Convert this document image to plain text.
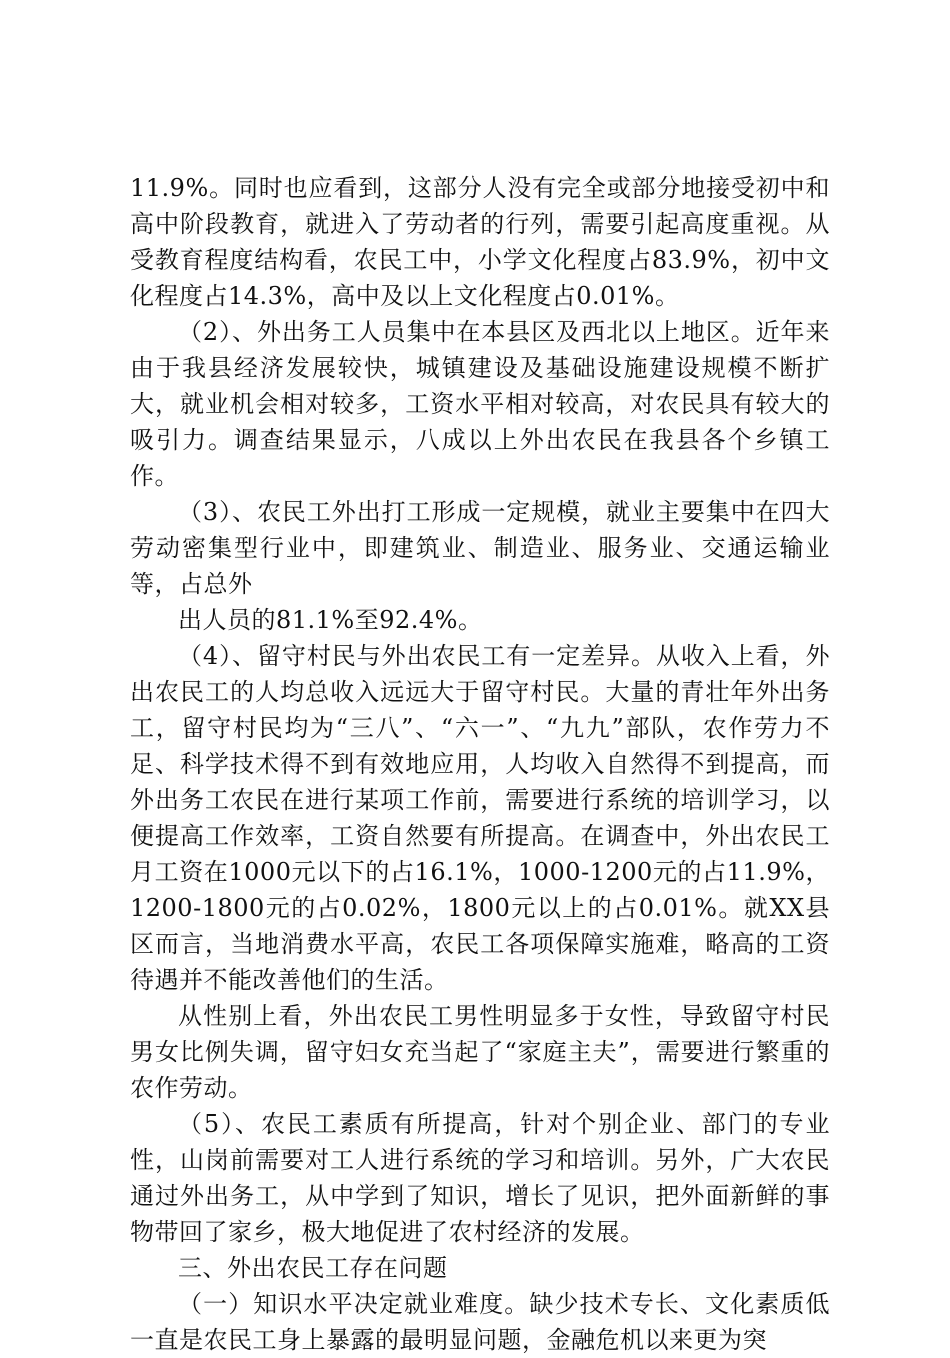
11.9%。同时也应看到，这部分人没有完全或部分地接受初中和高中阶段教育，就进入了劳动者的行列，需要引起高度重视。从受教育程度结构看，农民工中，小学文化程度占83.9%，初中文化程度占14.3%，高中及以上文化程度占0.01%。

（2）、外出务工人员集中在本县区及西北以上地区。近年来由于我县经济发展较快，城镇建设及基础设施建设规模不断扩大，就业机会相对较多，工资水平相对较高，对农民具有较大的吸引力。调查结果显示，八成以上外出农民在我县各个乡镇工作。

（3）、农民工外出打工形成一定规模，就业主要集中在四大劳动密集型行业中，即建筑业、制造业、服务业、交通运输业等，占总外

出人员的81.1%至92.4%。

（4）、留守村民与外出农民工有一定差异。从收入上看，外出农民工的人均总收入远远大于留守村民。大量的青壮年外出务工，留守村民均为“三八”、“六一”、“九九”部队，农作劳力不足、科学技术得不到有效地应用，人均收入自然得不到提高，而外出务工农民在进行某项工作前，需要进行系统的培训学习，以便提高工作效率，工资自然要有所提高。在调查中，外出农民工月工资在1000元以下的占16.1%，1000-1200元的占11.9%，1200-1800元的占0.02%，1800元以上的占0.01%。就XX县区而言，当地消费水平高，农民工各项保障实施难，略高的工资待遇并不能改善他们的生活。

从性别上看，外出农民工男性明显多于女性，导致留守村民男女比例失调，留守妇女充当起了“家庭主夫”，需要进行繁重的农作劳动。

（5）、农民工素质有所提高，针对个别企业、部门的专业性，山岗前需要对工人进行系统的学习和培训。另外，广大农民通过外出务工，从中学到了知识，增长了见识，把外面新鲜的事物带回了家乡，极大地促进了农村经济的发展。

三、外出农民工存在问题

（一）知识水平决定就业难度。缺少技术专长、文化素质低一直是农民工身上暴露的最明显问题，金融危机以来更为突
